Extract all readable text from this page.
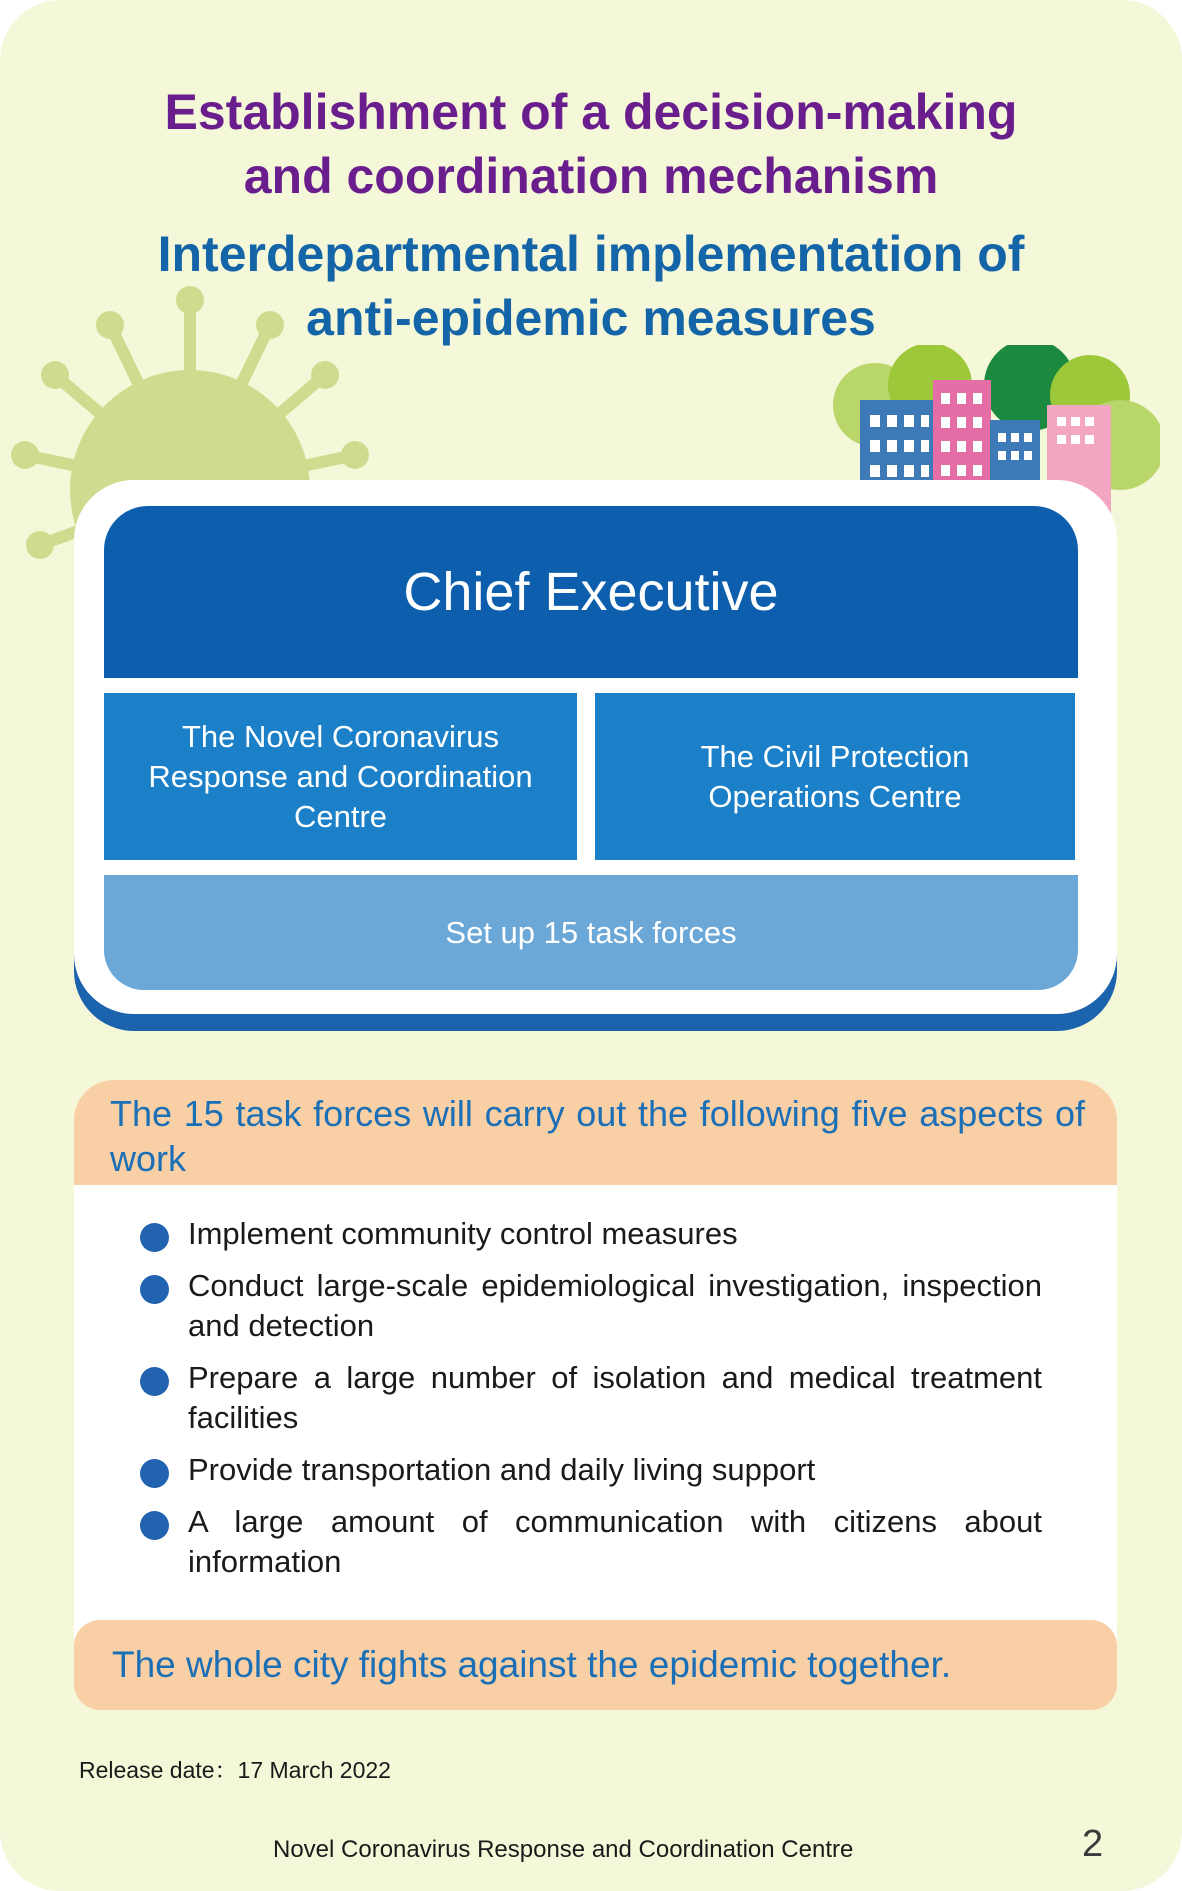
Establishment of a decision-making
and coordination mechanism
Interdepartmental implementation of
anti-epidemic measures
Chief Executive
The Novel Coronavirus
Response and Coordination
Centre
The Civil Protection
Operations Centre
Set up 15 task forces
The 15 task forces will carry out the following five aspects of work
Implement community control measures
Conduct large-scale epidemiological investigation, inspection and detection
Prepare a large number of isolation and medical treatment facilities
Provide transportation and daily living support
A large amount of communication with citizens about information
The whole city fights against the epidemic together.
Release date：17 March 2022
Novel Coronavirus Response and Coordination Centre	2
